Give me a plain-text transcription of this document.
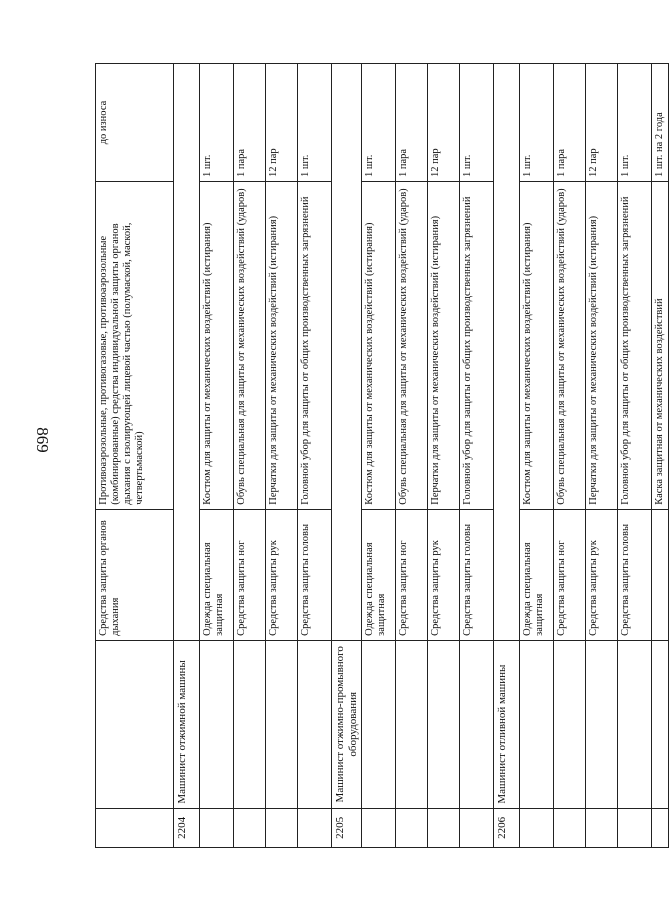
869
		Средства защиты органов дыхания	Противоаэрозольные, противогазовые, противоаэрозольные (комбинированные) средства индивидуальной защиты органов дыхания с изолирующей лицевой частью (полумаской, маской, четвертьмаской)	до износа
2204	Машинист отжимной машины			
		Одежда специальная защитная	Костюм для защиты от механических воздействий (истирания)	1 шт.
		Средства защиты ног	Обувь специальная для защиты от механических воздействий (ударов)	1 пара
		Средства защиты рук	Перчатки для защиты от механических воздействий (истирания)	12 пар
		Средства защиты головы	Головной убор для защиты от общих производственных загрязнений	1 шт.
2205	Машинист отжимно-промывного оборудования			
		Одежда специальная защитная	Костюм для защиты от механических воздействий (истирания)	1 шт.
		Средства защиты ног	Обувь специальная для защиты от механических воздействий (ударов)	1 пара
		Средства защиты рук	Перчатки для защиты от механических воздействий (истирания)	12 пар
		Средства защиты головы	Головной убор для защиты от общих производственных загрязнений	1 шт.
2206	Машинист отливной машины			
		Одежда специальная защитная	Костюм для защиты от механических воздействий (истирания)	1 шт.
		Средства защиты ног	Обувь специальная для защиты от механических воздействий (ударов)	1 пара
		Средства защиты рук	Перчатки для защиты от механических воздействий (истирания)	12 пар
		Средства защиты головы	Головной убор для защиты от общих производственных загрязнений	1 шт.
			Каска защитная от механических воздействий	1 шт. на 2 года
